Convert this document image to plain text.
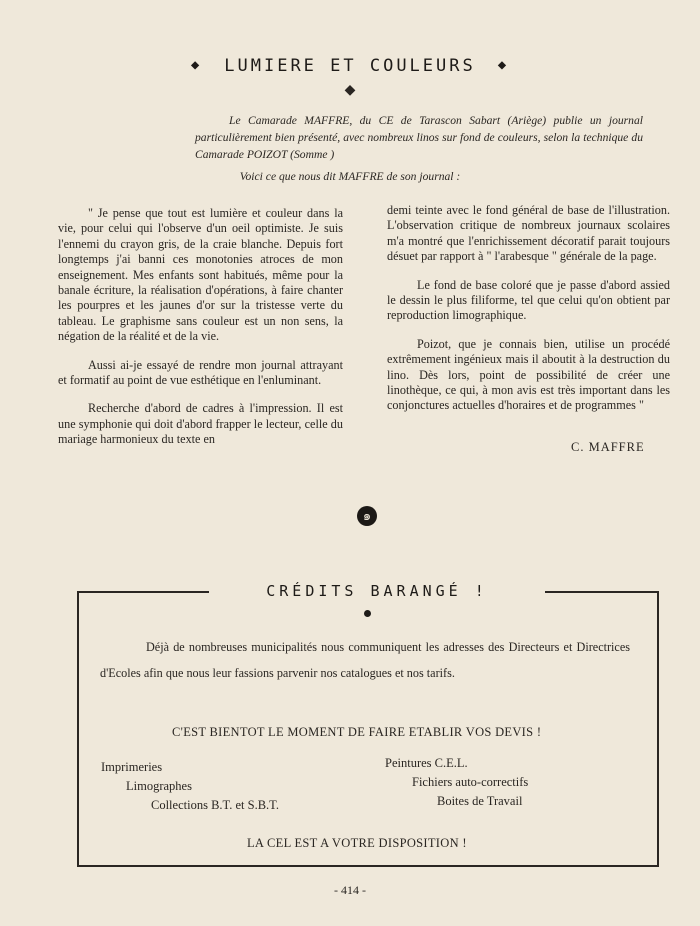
◆ LUMIERE ET COULEURS ◆
◆
Le Camarade MAFFRE, du CE de Tarascon Sabart (Ariège) publie un journal particulièrement bien présenté, avec nombreux linos sur fond de couleurs, selon la technique du Camarade POIZOT (Somme )
Voici ce que nous dit MAFFRE de son journal :

" Je pense que tout est lumière et couleur dans la vie, pour celui qui l'observe d'un oeil optimiste. Je suis l'ennemi du crayon gris, de la craie blanche. Depuis fort longtemps j'ai banni ces monotonies atroces de mon enseignement. Mes enfants sont habitués, même pour la banale écriture, la réalisation d'opérations, à faire chanter les pourpres et les jaunes d'or sur la tristesse verte du tableau. Le graphisme sans couleur est un non sens, la négation de la réalité et de la vie.

Aussi ai-je essayé de rendre mon journal attrayant et formatif au point de vue esthétique en l'enluminant.

Recherche d'abord de cadres à l'impression. Il est une symphonie qui doit d'abord frapper le lecteur, celle du mariage harmonieux du texte en

demi teinte avec le fond général de base de l'illustration. L'observation critique de nombreux journaux scolaires m'a montré que l'enrichissement décoratif parait toujours désuet par rapport à " l'arabesque " générale de la page.

Le fond de base coloré que je passe d'abord assied le dessin le plus filiforme, tel que celui qu'on obtient par reproduction limographique.

Poizot, que je connais bien, utilise un procédé extrêmement ingénieux mais il aboutit à la destruction du lino. Dès lors, point de possibilité de créer une linothèque, ce qui, à mon avis est très important dans les conjonctures actuelles d'horaires et de programmes "

C. MAFFRE
๑
CRÉDITS BARANGÉ !
Déjà de nombreuses municipalités nous communiquent les adresses des Directeurs et Directrices d'Ecoles afin que nous leur fassions parvenir nos catalogues et nos tarifs.
C'EST BIENTOT LE MOMENT DE FAIRE ETABLIR VOS DEVIS !
Imprimeries
Limographes
Collections B.T. et S.B.T.
Peintures C.E.L.
Fichiers auto-correctifs
Boites de Travail
LA CEL EST A VOTRE DISPOSITION !
- 414 -
